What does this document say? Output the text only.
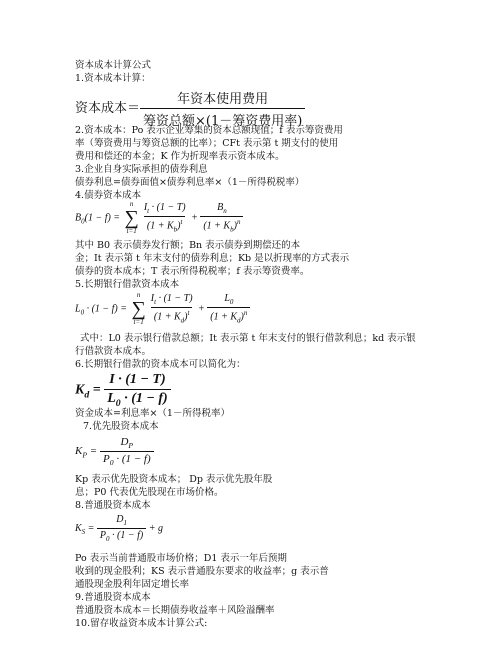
资本成本计算公式
1.资本成本计算：
资本成本＝ $\frac{\text{年资本使用费用}}{\text{筹资总额×(1－筹资费用率)}}$
2.资本成本：Po 表示企业筹集的资本总额现值；f 表示筹资费用
率（筹资费用与筹资总额的比率）；CFt 表示第 t 期支付的使用
费用和偿还的本金；K 作为折现率表示资本成本。
3.企业自身实际承担的债券利息
债券利息=债券面值×债券利息率×（1－所得税税率）
4.债券资本成本
$B_0(1 - f)$ =
n
∑
$t=1 \frac{I_t \cdot (1 - T)}{(1 + K_b)^t} + \frac{B_n}{(1 + K_b)^n}$
其中 B0 表示债券发行额；Bn 表示债券到期偿还的本
金；It 表示第 t 年末支付的债券利息；Kb 是以折现率的方式表示
债券的资本成本；T 表示所得税税率；f 表示筹资费率。
5.长期银行借款资本成本
$L_0 \cdot (1 - f)$ =
n
∑
$t=1 \frac{I_t \cdot (1 - T)}{(1 + K_d)^t} + \frac{L_0}{(1 + K_d)^n}$
式中：L0 表示银行借款总额；It 表示第 t 年末支付的银行借款利息；kd 表示银
行借款资本成本。
6.长期银行借款的资本成本可以简化为：
$K_d = \frac{I \cdot (1 - T)}{L_0 \cdot (1 - f)}$
资金成本=利息率×（1－所得税率）
7.优先股资本成本
$K_P = \frac{D_P}{P_0 \cdot (1 - f)}$
Kp 表示优先股资本成本； Dp 表示优先股年股
息；P0 代表优先股现在市场价格。
8.普通股资本成本
$K_S = \frac{D_1}{P_0 \cdot (1 - f)} + g$
Po 表示当前普通股市场价格；D1 表示一年后预期
收到的现金股利；KS 表示普通股东要求的收益率；g 表示普
通股现金股利年固定增长率
9.普通股资本成本
普通股资本成本＝长期债券收益率＋风险溢酬率
10.留存收益资本成本计算公式:
